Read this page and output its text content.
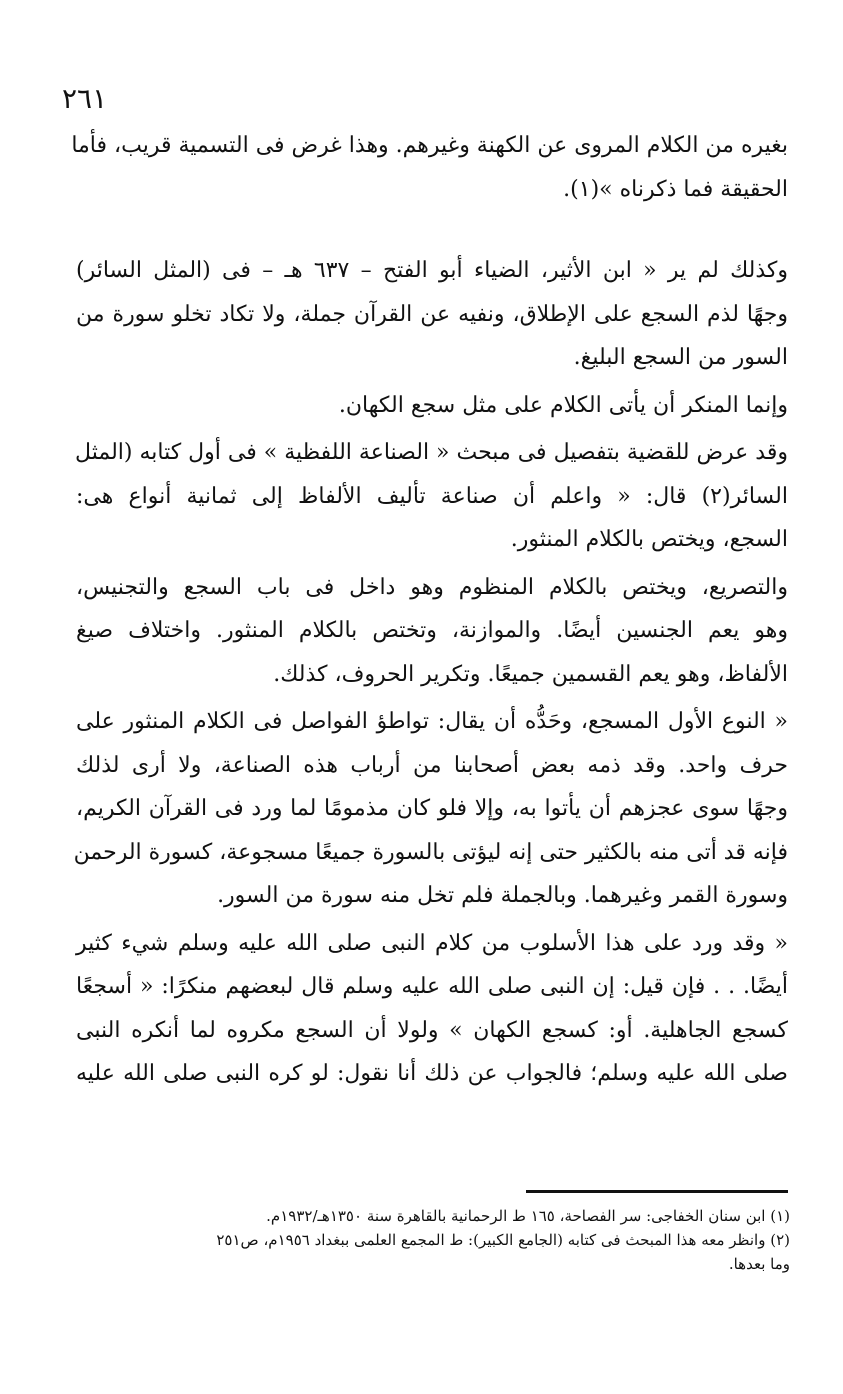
٢٦١

بغيره من الكلام المروى عن الكهنة وغيرهم. وهذا غرض فى التسمية قريب، فأما
الحقيقة فما ذكرناه »(١).

وكذلك لم ير « ابن الأثير، الضياء أبو الفتح – ٦٣٧ هـ – فى (المثل السائر)
وجهًا لذم السجع على الإطلاق، ونفيه عن القرآن جملة، ولا تكاد تخلو سورة من
السور من السجع البليغ.

وإنما المنكر أن يأتى الكلام على مثل سجع الكهان.

وقد عرض للقضية بتفصيل فى مبحث « الصناعة اللفظية » فى أول كتابه (المثل
السائر(٢) قال: « واعلم أن صناعة تأليف الألفاظ إلى ثمانية أنواع هى:
السجع، ويختص بالكلام المنثور.

والتصريع، ويختص بالكلام المنظوم وهو داخل فى باب السجع والتجنيس،
وهو يعم الجنسين أيضًا. والموازنة، وتختص بالكلام المنثور. واختلاف صيغ
الألفاظ، وهو يعم القسمين جميعًا. وتكرير الحروف، كذلك.

« النوع الأول المسجع، وحَدُّه أن يقال: تواطؤ الفواصل فى الكلام المنثور على
حرف واحد. وقد ذمه بعض أصحابنا من أرباب هذه الصناعة، ولا أرى لذلك
وجهًا سوى عجزهم أن يأتوا به، وإلا فلو كان مذمومًا لما ورد فى القرآن الكريم،
فإنه قد أتى منه بالكثير حتى إنه ليؤتى بالسورة جميعًا مسجوعة، كسورة الرحمن
وسورة القمر وغيرهما. وبالجملة فلم تخل منه سورة من السور.

« وقد ورد على هذا الأسلوب من كلام النبى صلى الله عليه وسلم شيء كثير
أيضًا. . . فإن قيل: إن النبى صلى الله عليه وسلم قال لبعضهم منكرًا: « أسجعًا
كسجع الجاهلية. أو: كسجع الكهان » ولولا أن السجع مكروه لما أنكره النبى
صلى الله عليه وسلم؛ فالجواب عن ذلك أنا نقول: لو كره النبى صلى الله عليه

(١) ابن سنان الخفاجى: سر الفصاحة، ١٦٥ ط الرحمانية بالقاهرة سنة ١٣٥٠هـ/١٩٣٢م.

(٢) وانظر معه هذا المبحث فى كتابه (الجامع الكبير): ط المجمع العلمى ببغداد ١٩٥٦م، ص٢٥١

وما بعدها.
